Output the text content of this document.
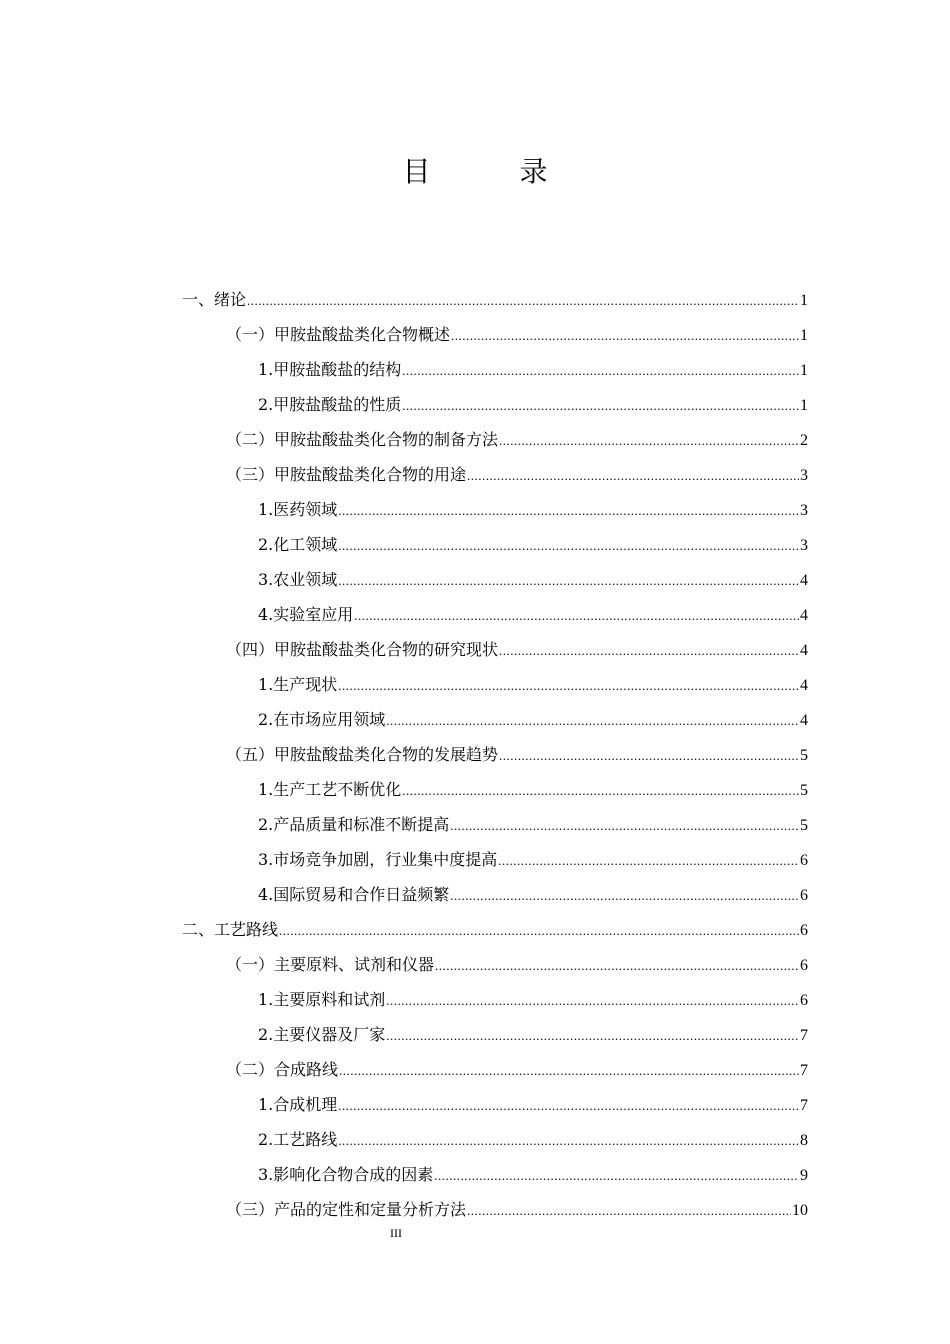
目 录
一、绪论 .....	1
（一）甲胺盐酸盐类化合物概述 .....	1
1.甲胺盐酸盐的结构 .....	1
2.甲胺盐酸盐的性质 .....	1
（二）甲胺盐酸盐类化合物的制备方法 .....	2
（三）甲胺盐酸盐类化合物的用途 .....	3
1.医药领域 .....	3
2.化工领域 .....	3
3.农业领域 .....	4
4.实验室应用 .....	4
（四）甲胺盐酸盐类化合物的研究现状 .....	4
1.生产现状 .....	4
2.在市场应用领域 .....	4
（五）甲胺盐酸盐类化合物的发展趋势 .....	5
1.生产工艺不断优化 .....	5
2.产品质量和标准不断提高 .....	5
3.市场竞争加剧，行业集中度提高 .....	6
4.国际贸易和合作日益频繁 .....	6
二、工艺路线 .....	6
（一）主要原料、试剂和仪器 .....	6
1.主要原料和试剂 .....	6
2.主要仪器及厂家 .....	7
（二）合成路线 .....	7
1.合成机理 .....	7
2.工艺路线 .....	8
3.影响化合物合成的因素 .....	9
（三）产品的定性和定量分析方法 .....	10
III
